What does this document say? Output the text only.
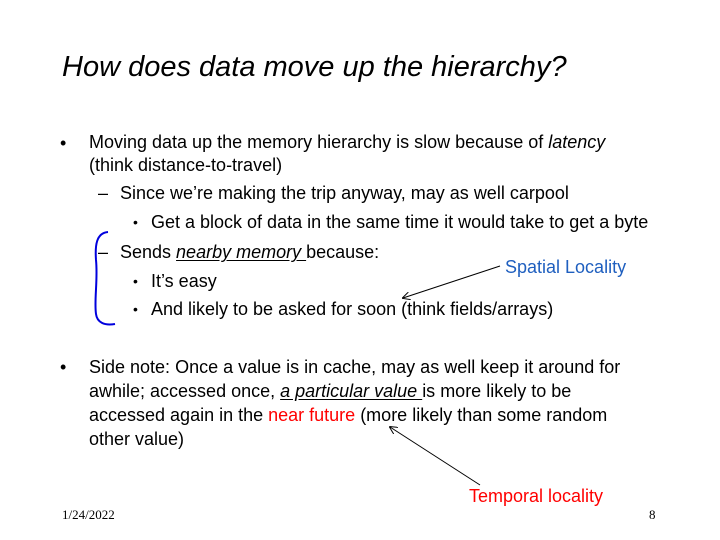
How does data move up the hierarchy?
• Moving data up the memory hierarchy is slow because of latency
(think distance-to-travel)
– Since we’re making the trip anyway, may as well carpool
• Get a block of data in the same time it would take to get a byte
– Sends nearby memory because:
• It’s easy
• And likely to be asked for soon (think fields/arrays)
• Side note: Once a value is in cache, may as well keep it around for
awhile; accessed once, a particular value is more likely to be
accessed again in the near future (more likely than some random
other value)
Spatial Locality
Temporal locality
1/24/2022	8
